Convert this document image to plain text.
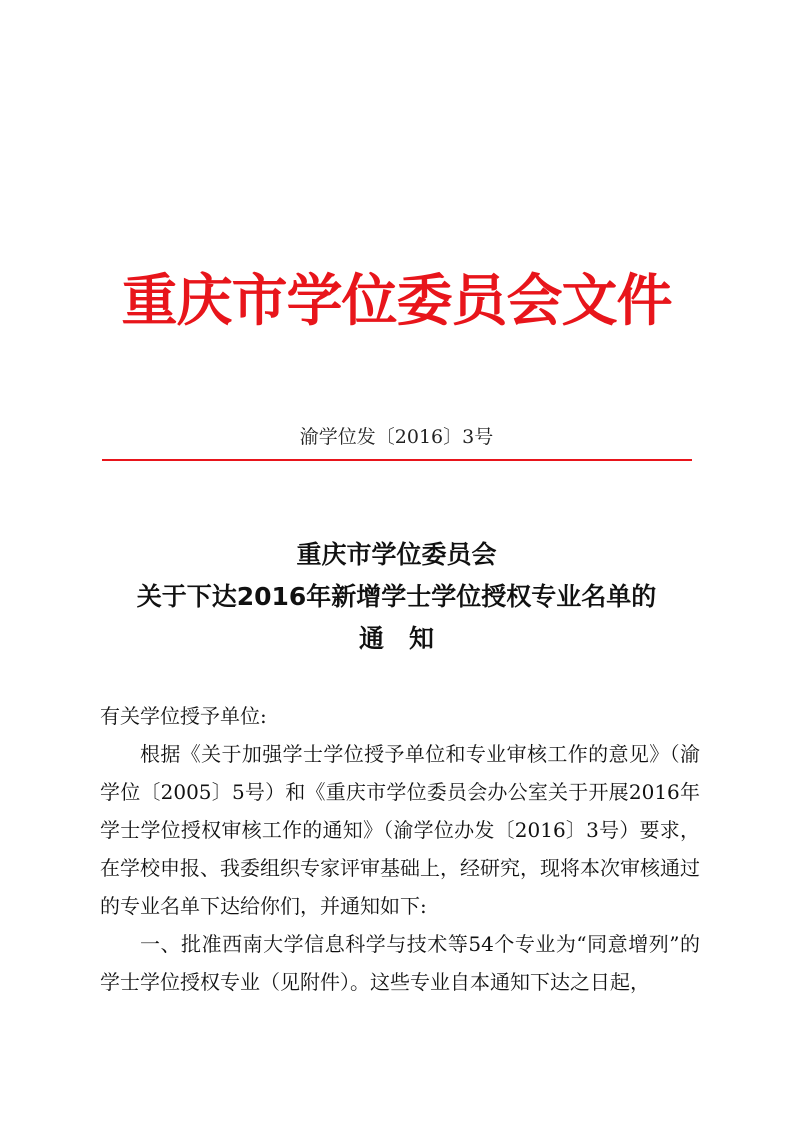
重庆市学位委员会文件
渝学位发〔2016〕3号
重庆市学位委员会
关于下达2016年新增学士学位授权专业名单的
通　知
有关学位授予单位:
根据《关于加强学士学位授予单位和专业审核工作的意见》（渝学位〔2005〕5号）和《重庆市学位委员会办公室关于开展2016年学士学位授权审核工作的通知》（渝学位办发〔2016〕3号）要求，在学校申报、我委组织专家评审基础上，经研究，现将本次审核通过的专业名单下达给你们，并通知如下:
一、批准西南大学信息科学与技术等54个专业为“同意增列”的学士学位授权专业（见附件）。这些专业自本通知下达之日起，
